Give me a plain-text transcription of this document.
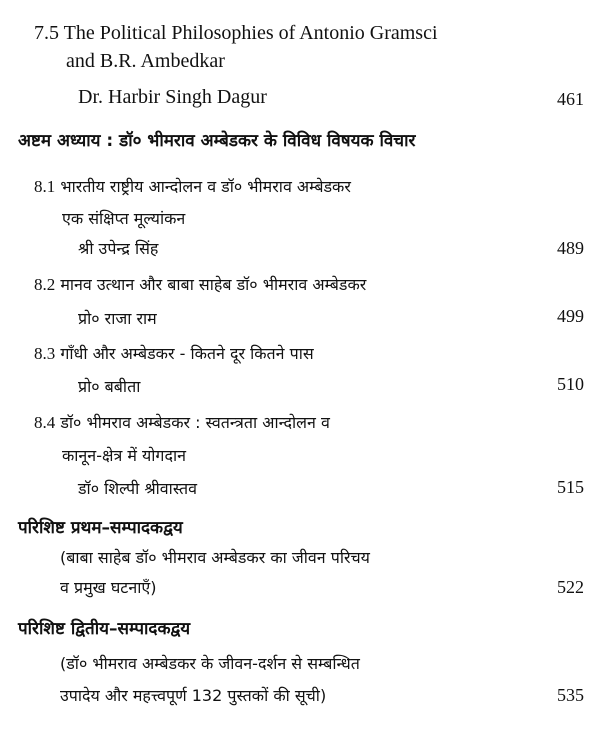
7.5 The Political Philosophies of Antonio Gramsci
and B.R. Ambedkar
Dr. Harbir Singh Dagur	461
अष्टम अध्याय : डॉ० भीमराव अम्बेडकर के विविध विषयक विचार
8.1 भारतीय राष्ट्रीय आन्दोलन व डॉ० भीमराव अम्बेडकर
एक संक्षिप्त मूल्यांकन
श्री उपेन्द्र सिंह	489
8.2 मानव उत्थान और बाबा साहेब डॉ० भीमराव अम्बेडकर
प्रो० राजा राम	499
8.3 गाँधी और अम्बेडकर - कितने दूर कितने पास
प्रो० बबीता	510
8.4 डॉ० भीमराव अम्बेडकर : स्वतन्त्रता आन्दोलन व
कानून-क्षेत्र में योगदान
डॉ० शिल्पी श्रीवास्तव	515
परिशिष्ट प्रथम–सम्पादकद्वय
(बाबा साहेब डॉ० भीमराव अम्बेडकर का जीवन परिचय
व प्रमुख घटनाएँ)	522
परिशिष्ट द्वितीय–सम्पादकद्वय
(डॉ० भीमराव अम्बेडकर के जीवन-दर्शन से सम्बन्धित
उपादेय और महत्त्वपूर्ण 132 पुस्तकों की सूची)	535
